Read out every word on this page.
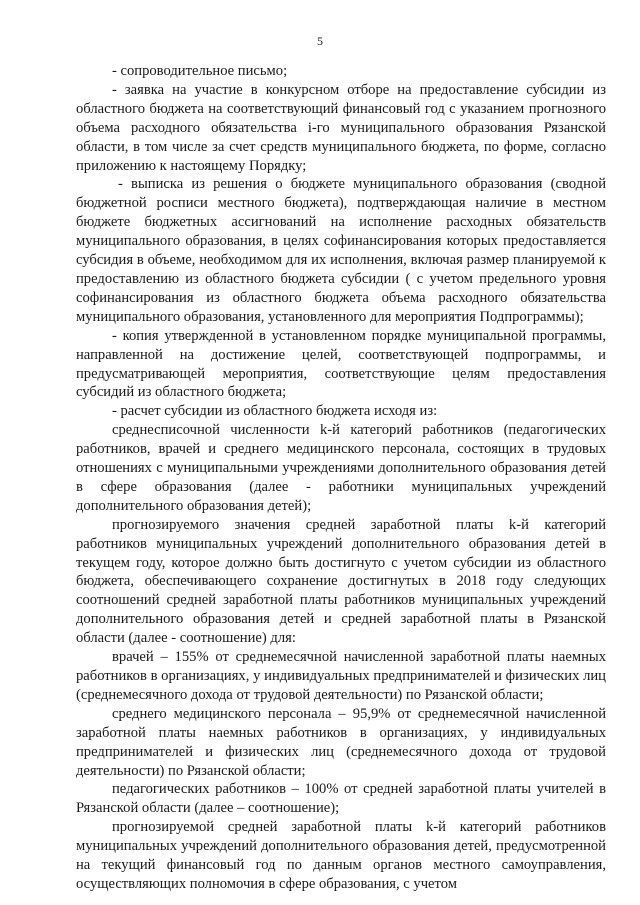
5

- сопроводительное письмо;

- заявка на участие в конкурсном отборе на предоставление субсидии из областного бюджета на соответствующий финансовый год с указанием прогнозного объема расходного обязательства i-го муниципального образования Рязанской области, в том числе за счет средств муниципального бюджета, по форме, согласно приложению к настоящему Порядку;

- выписка из решения о бюджете муниципального образования (сводной бюджетной росписи местного бюджета), подтверждающая наличие в местном бюджете бюджетных ассигнований на исполнение расходных обязательств муниципального образования, в целях софинансирования которых предоставляется субсидия в объеме, необходимом для их исполнения, включая размер планируемой к предоставлению из областного бюджета субсидии ( с учетом предельного уровня софинансирования из областного бюджета объема расходного обязательства муниципального образования, установленного для мероприятия Подпрограммы);

- копия утвержденной в установленном порядке муниципальной программы, направленной на достижение целей, соответствующей подпрограммы, и предусматривающей мероприятия, соответствующие целям предоставления субсидий из областного бюджета;

- расчет субсидии из областного бюджета исходя из:

среднесписочной численности k-й категорий работников (педагогических работников, врачей и среднего медицинского персонала, состоящих в трудовых отношениях с муниципальными учреждениями дополнительного образования детей в сфере образования (далее - работники муниципальных учреждений дополнительного образования детей);

прогнозируемого значения средней заработной платы k-й категорий работников муниципальных учреждений дополнительного образования детей в текущем году, которое должно быть достигнуто с учетом субсидии из областного бюджета, обеспечивающего сохранение достигнутых в 2018 году следующих соотношений средней заработной платы работников муниципальных учреждений дополнительного образования детей и средней заработной платы в Рязанской области (далее - соотношение) для:

врачей – 155% от среднемесячной начисленной заработной платы наемных работников в организациях, у индивидуальных предпринимателей и физических лиц (среднемесячного дохода от трудовой деятельности) по Рязанской области;

среднего медицинского персонала – 95,9% от среднемесячной начисленной заработной платы наемных работников в организациях, у индивидуальных предпринимателей и физических лиц (среднемесячного дохода от трудовой деятельности) по Рязанской области;

педагогических работников – 100% от средней заработной платы учителей в Рязанской области (далее – соотношение);

прогнозируемой средней заработной платы k-й категорий работников муниципальных учреждений дополнительного образования детей, предусмотренной на текущий финансовый год по данным органов местного самоуправления, осуществляющих полномочия в сфере образования, с учетом
